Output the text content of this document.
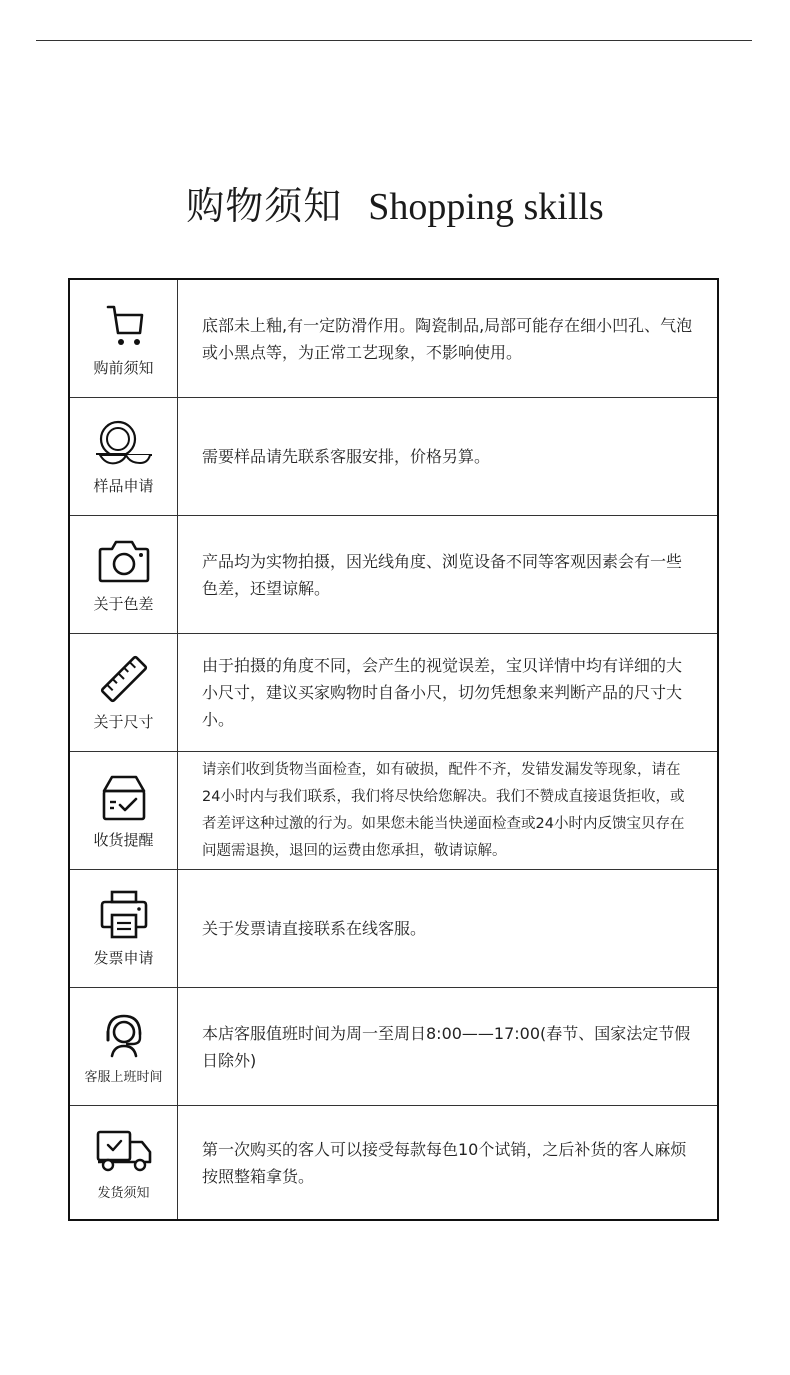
购物须知 Shopping skills
购前须知

底部未上釉,有一定防滑作用。陶瓷制品,局部可能存在细小凹孔、气泡或小黑点等，为正常工艺现象，不影响使用。

样品申请

需要样品请先联系客服安排，价格另算。

关于色差

产品均为实物拍摄，因光线角度、浏览设备不同等客观因素会有一些色差，还望谅解。

关于尺寸

由于拍摄的角度不同，会产生的视觉误差，宝贝详情中均有详细的大小尺寸，建议买家购物时自备小尺，切勿凭想象来判断产品的尺寸大小。

收货提醒

请亲们收到货物当面检查，如有破损，配件不齐，发错发漏发等现象，请在24小时内与我们联系，我们将尽快给您解决。我们不赞成直接退货拒收，或者差评这种过激的行为。如果您未能当快递面检查或24小时内反馈宝贝存在问题需退换，退回的运费由您承担，敬请谅解。

发票申请

关于发票请直接联系在线客服。

客服上班时间

本店客服值班时间为周一至周日8:00——17:00(春节、国家法定节假日除外)

发货须知

第一次购买的客人可以接受每款每色10个试销，之后补货的客人麻烦按照整箱拿货。
